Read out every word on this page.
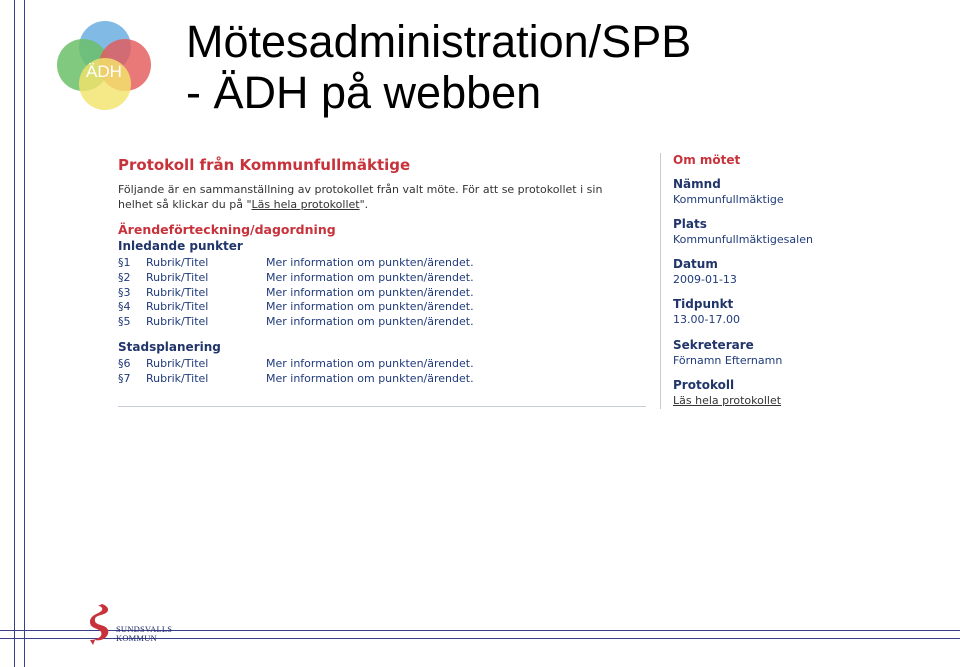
ÄDH
Mötesadministration/SPB
- ÄDH på webben
Protokoll från Kommunfullmäktige
Följande är en sammanställning av protokollet från valt möte. För att se protokollet i sin helhet så klickar du på "Läs hela protokollet".
Ärendeförteckning/dagordning
Inledande punkter
§1 Rubrik/Titel	Mer information om punkten/ärendet.
§2 Rubrik/Titel	Mer information om punkten/ärendet.
§3 Rubrik/Titel	Mer information om punkten/ärendet.
§4 Rubrik/Titel	Mer information om punkten/ärendet.
§5 Rubrik/Titel	Mer information om punkten/ärendet.
Stadsplanering
§6 Rubrik/Titel	Mer information om punkten/ärendet.
§7 Rubrik/Titel	Mer information om punkten/ärendet.
Om mötet
Nämnd
Kommunfullmäktige
Plats
Kommunfullmäktigesalen
Datum
2009-01-13
Tidpunkt
13.00-17.00
Sekreterare
Förnamn Efternamn
Protokoll
Läs hela protokollet
SUNDSVALLS
KOMMUN
